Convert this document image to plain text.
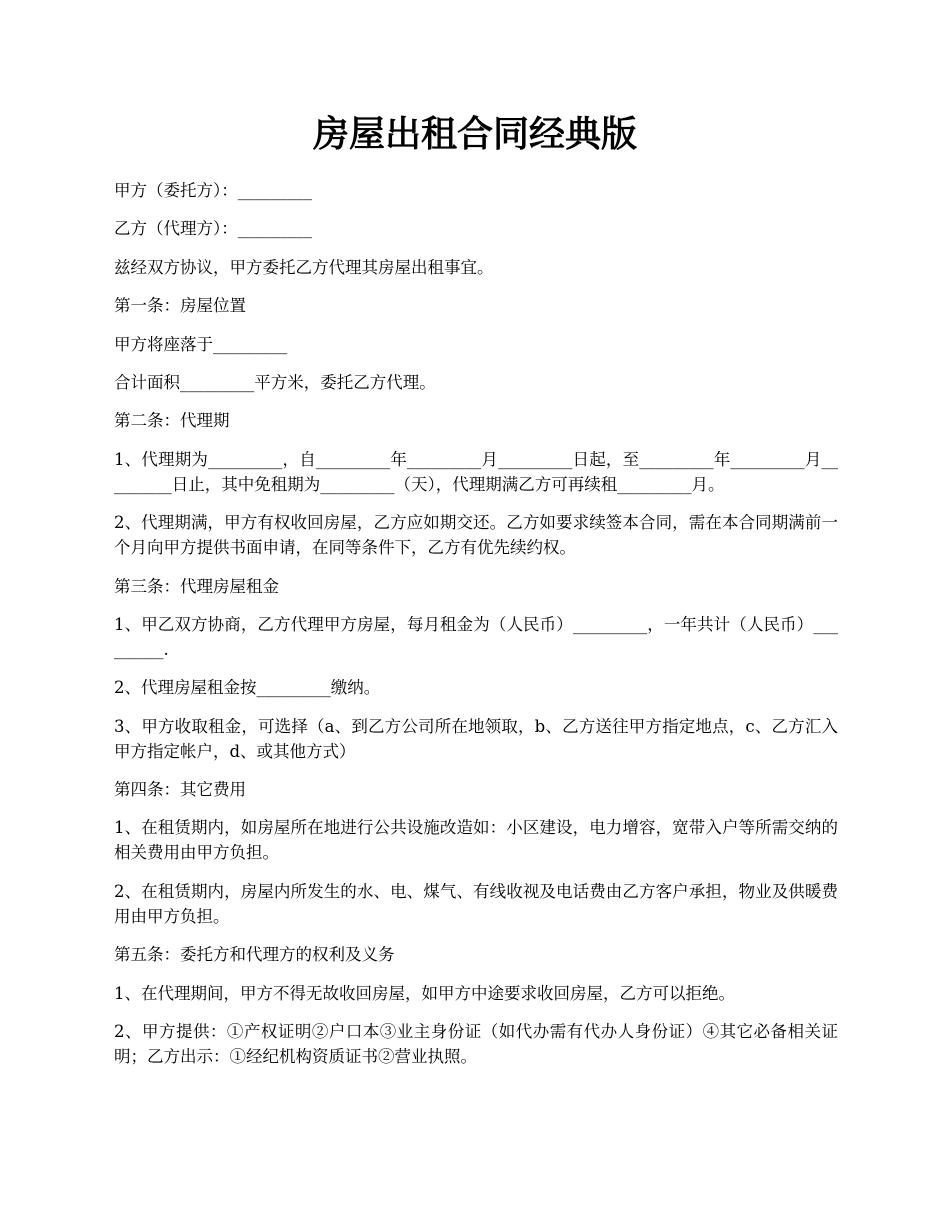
房屋出租合同经典版

甲方（委托方）：_________

乙方（代理方）：_________

兹经双方协议，甲方委托乙方代理其房屋出租事宜。

第一条：房屋位置

甲方将座落于_________

合计面积_________平方米，委托乙方代理。

第二条：代理期

1、代理期为_________，自_________年_________月_________日起，至_________年_________月_________日止，其中免租期为_________（天），代理期满乙方可再续租_________月。

2、代理期满，甲方有权收回房屋，乙方应如期交还。乙方如要求续签本合同，需在本合同期满前一个月向甲方提供书面申请，在同等条件下，乙方有优先续约权。

第三条：代理房屋租金

1、甲乙双方协商，乙方代理甲方房屋，每月租金为（人民币）_________，一年共计（人民币）_________.

2、代理房屋租金按_________缴纳。

3、甲方收取租金，可选择（a、到乙方公司所在地领取，b、乙方送往甲方指定地点，c、乙方汇入甲方指定帐户，d、或其他方式）

第四条：其它费用

1、在租赁期内，如房屋所在地进行公共设施改造如：小区建设，电力增容，宽带入户等所需交纳的相关费用由甲方负担。

2、在租赁期内，房屋内所发生的水、电、煤气、有线收视及电话费由乙方客户承担，物业及供暖费用由甲方负担。

第五条：委托方和代理方的权利及义务

1、在代理期间，甲方不得无故收回房屋，如甲方中途要求收回房屋，乙方可以拒绝。

2、甲方提供：①产权证明②户口本③业主身份证（如代办需有代办人身份证）④其它必备相关证明；乙方出示：①经纪机构资质证书②营业执照。
